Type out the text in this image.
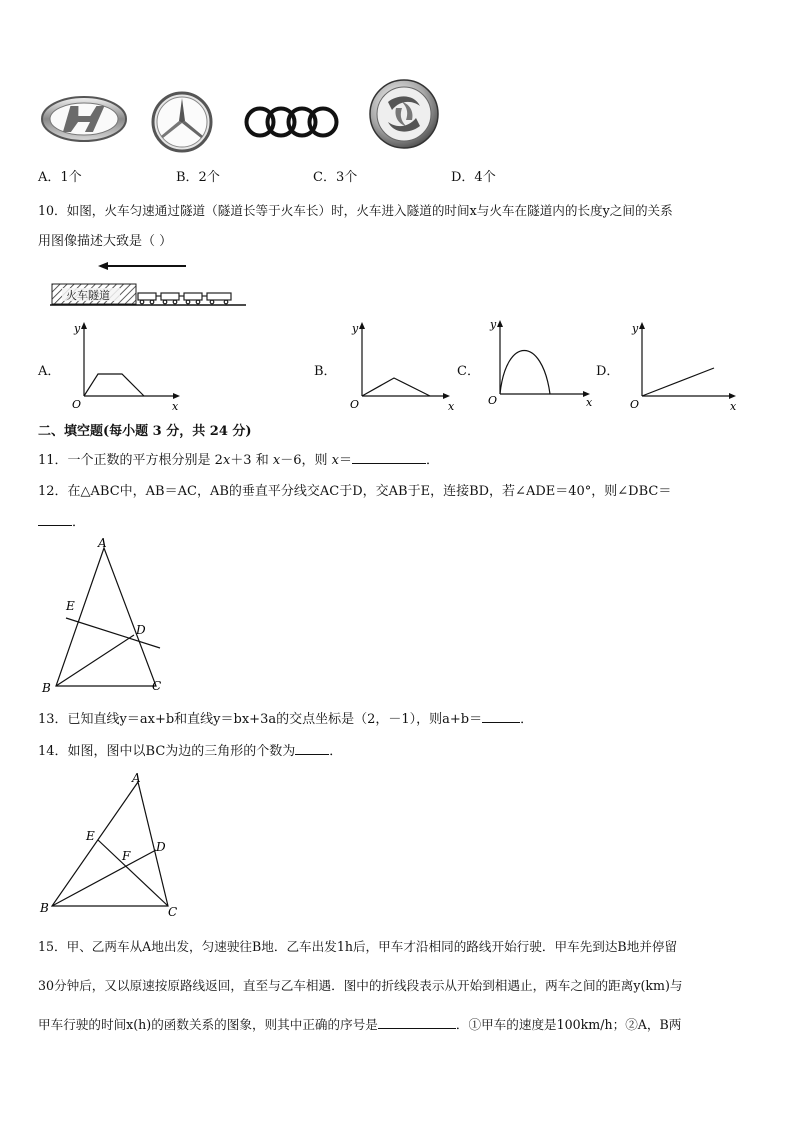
A．1个	B．2个	C．3个	D．4个
10．如图，火车匀速通过隧道（隧道长等于火车长）时，火车进入隧道的时间x与火车在隧道内的长度y之间的关系
用图像描述大致是（ ）
火车隧道
A．
y
x
O
B．
y
x
O
C．
y
x
O
D．
y
x
O
二、填空题(每小题 3 分，共 24 分)
11．一个正数的平方根分别是 2x＋3 和 x－6，则 x＝	．
12．在△ABC中，AB＝AC，AB的垂直平分线交AC于D，交AB于E，连接BD，若∠ADE＝40°，则∠DBC＝
．
A
E
D
B	C
13．已知直线y＝ax+b和直线y＝bx+3a的交点坐标是（2，－1），则a+b＝	．
14．如图，图中以BC为边的三角形的个数为	．
A
E
D
F
B	C
15．甲、乙两车从A地出发，匀速驶往B地．乙车出发1h后，甲车才沿相同的路线开始行驶．甲车先到达B地并停留
30分钟后，又以原速按原路线返回，直至与乙车相遇．图中的折线段表示从开始到相遇止，两车之间的距离y(km)与
甲车行驶的时间x(h)的函数关系的图象，则其中正确的序号是	．①甲车的速度是100km/h；②A，B两
